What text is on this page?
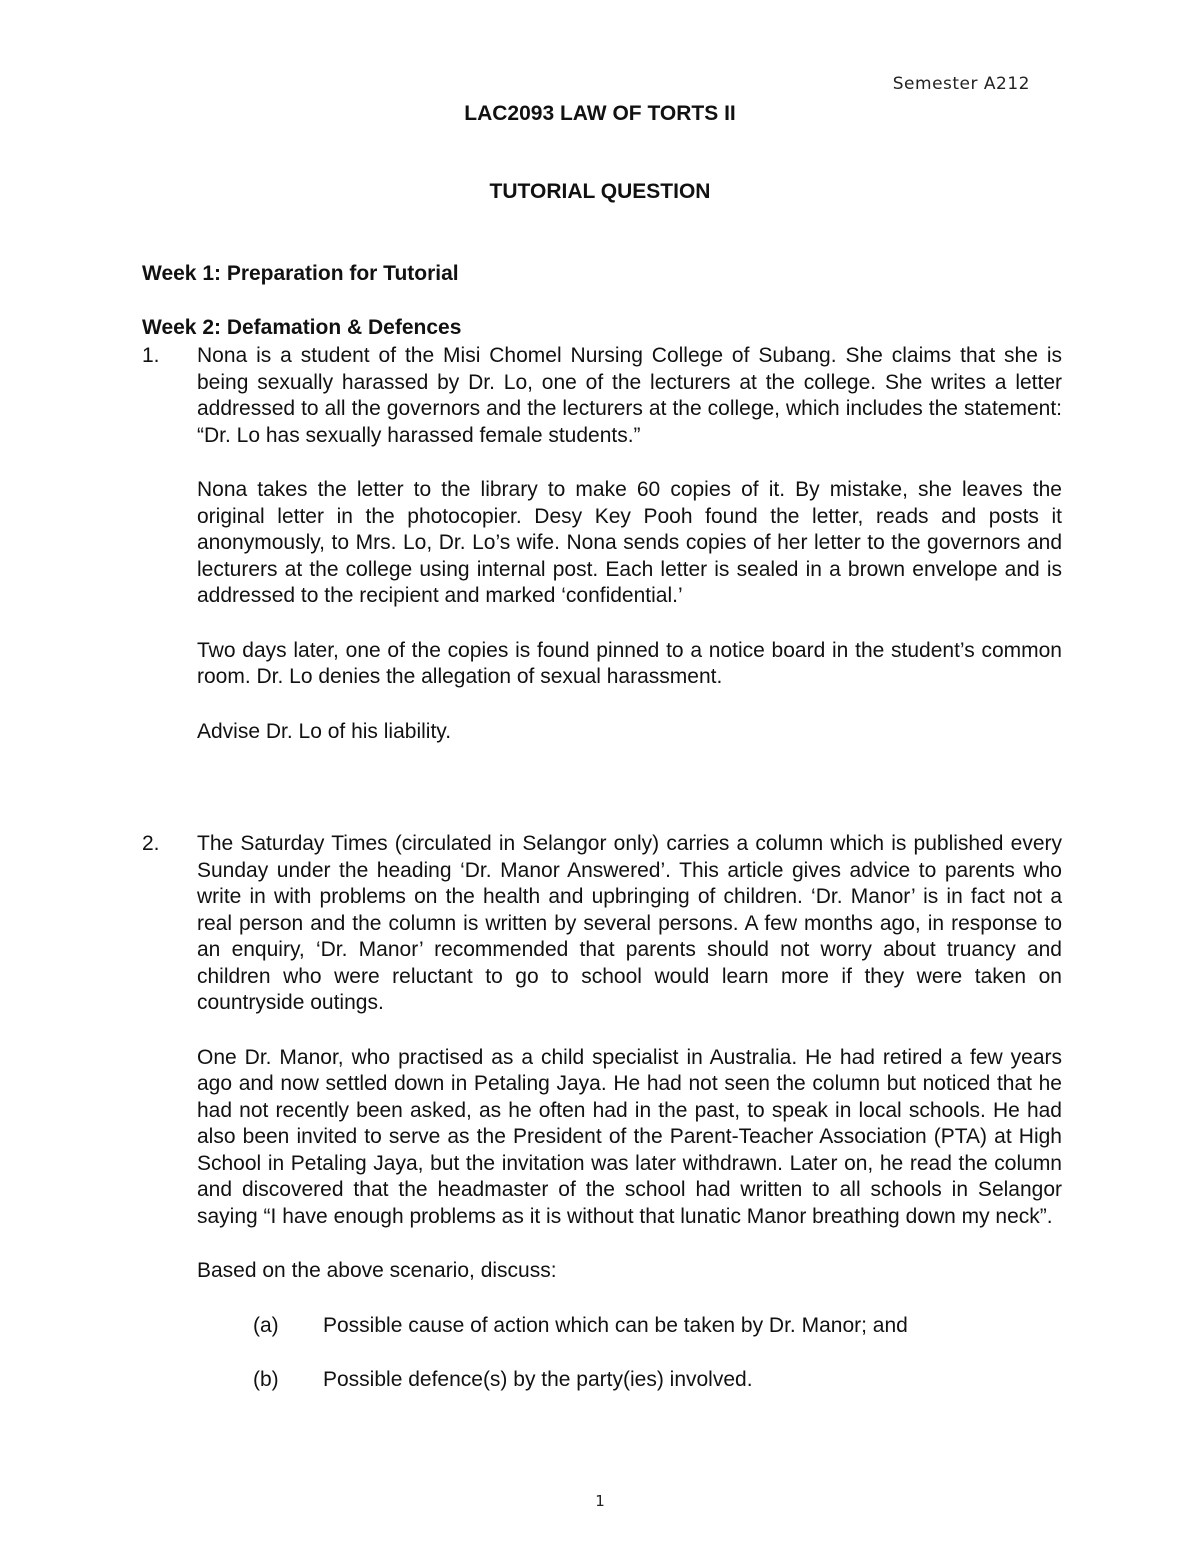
Semester A212
LAC2093 LAW OF TORTS II
TUTORIAL QUESTION
Week 1: Preparation for Tutorial
Week 2: Defamation & Defences
1. Nona is a student of the Misi Chomel Nursing College of Subang. She claims that she is being sexually harassed by Dr. Lo, one of the lecturers at the college. She writes a letter addressed to all the governors and the lecturers at the college, which includes the statement: “Dr. Lo has sexually harassed female students.”

Nona takes the letter to the library to make 60 copies of it. By mistake, she leaves the original letter in the photocopier. Desy Key Pooh found the letter, reads and posts it anonymously, to Mrs. Lo, Dr. Lo’s wife. Nona sends copies of her letter to the governors and lecturers at the college using internal post. Each letter is sealed in a brown envelope and is addressed to the recipient and marked ‘confidential.’

Two days later, one of the copies is found pinned to a notice board in the student’s common room. Dr. Lo denies the allegation of sexual harassment.

Advise Dr. Lo of his liability.

2. The Saturday Times (circulated in Selangor only) carries a column which is published every Sunday under the heading ‘Dr. Manor Answered’. This article gives advice to parents who write in with problems on the health and upbringing of children. ‘Dr. Manor’ is in fact not a real person and the column is written by several persons. A few months ago, in response to an enquiry, ‘Dr. Manor’ recommended that parents should not worry about truancy and children who were reluctant to go to school would learn more if they were taken on countryside outings.

One Dr. Manor, who practised as a child specialist in Australia. He had retired a few years ago and now settled down in Petaling Jaya. He had not seen the column but noticed that he had not recently been asked, as he often had in the past, to speak in local schools. He had also been invited to serve as the President of the Parent-Teacher Association (PTA) at High School in Petaling Jaya, but the invitation was later withdrawn. Later on, he read the column and discovered that the headmaster of the school had written to all schools in Selangor saying “I have enough problems as it is without that lunatic Manor breathing down my neck”.

Based on the above scenario, discuss:

(a) Possible cause of action which can be taken by Dr. Manor; and
(b) Possible defence(s) by the party(ies) involved.
1
